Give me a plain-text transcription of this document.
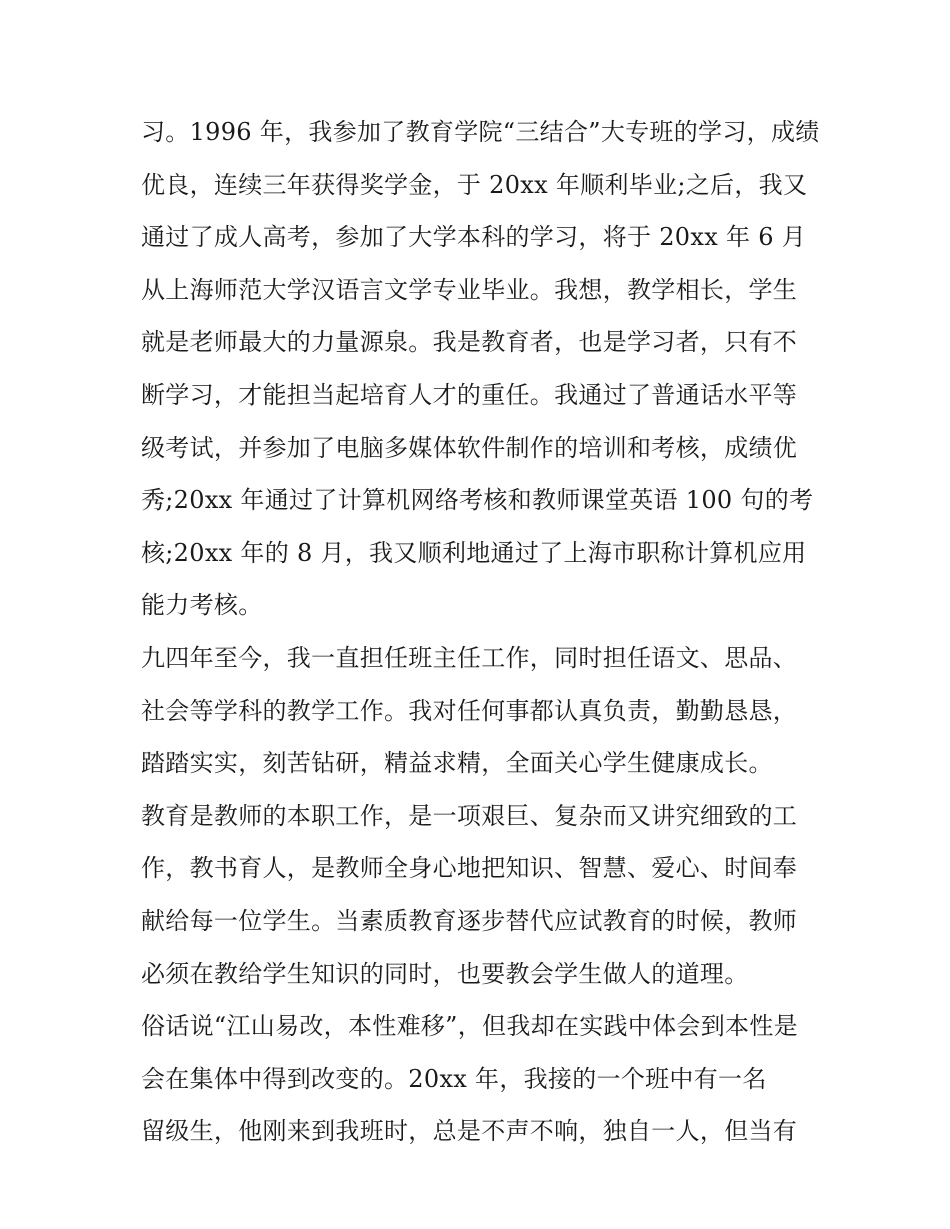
习。1996 年，我参加了教育学院“三结合”大专班的学习，成绩
优良，连续三年获得奖学金，于 20xx 年顺利毕业;之后，我又
通过了成人高考，参加了大学本科的学习，将于 20xx 年 6 月
从上海师范大学汉语言文学专业毕业。我想，教学相长，学生
就是老师最大的力量源泉。我是教育者，也是学习者，只有不
断学习，才能担当起培育人才的重任。我通过了普通话水平等
级考试，并参加了电脑多媒体软件制作的培训和考核，成绩优
秀;20xx 年通过了计算机网络考核和教师课堂英语 100 句的考
核;20xx 年的 8 月，我又顺利地通过了上海市职称计算机应用
能力考核。
九四年至今，我一直担任班主任工作，同时担任语文、思品、
社会等学科的教学工作。我对任何事都认真负责，勤勤恳恳，
踏踏实实，刻苦钻研，精益求精，全面关心学生健康成长。
教育是教师的本职工作，是一项艰巨、复杂而又讲究细致的工
作，教书育人，是教师全身心地把知识、智慧、爱心、时间奉
献给每一位学生。当素质教育逐步替代应试教育的时候，教师
必须在教给学生知识的同时，也要教会学生做人的道理。
俗话说“江山易改，本性难移”，但我却在实践中体会到本性是
会在集体中得到改变的。20xx 年，我接的一个班中有一名
留级生，他刚来到我班时，总是不声不响，独自一人，但当有
